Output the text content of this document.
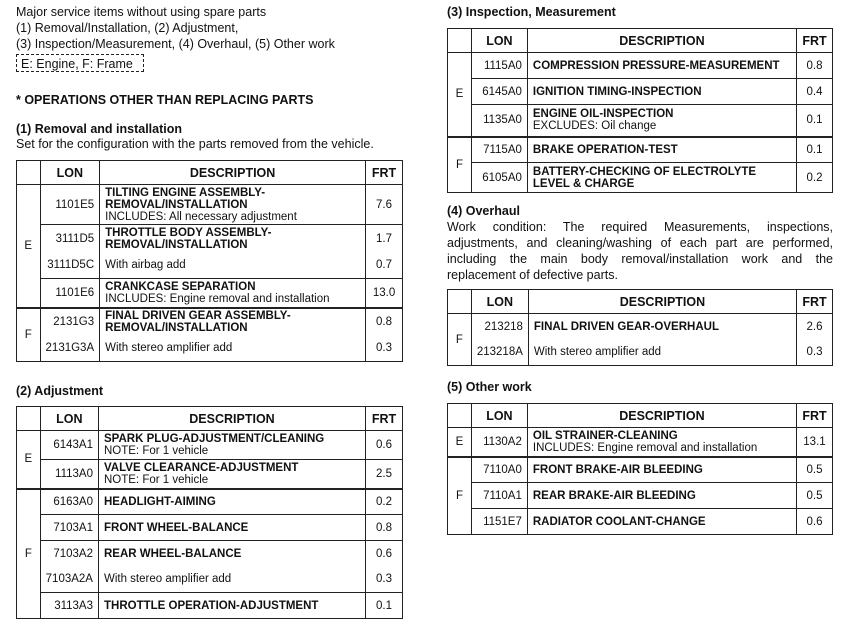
Major service items without using spare parts
(1) Removal/Installation, (2) Adjustment,
(3) Inspection/Measurement, (4) Overhaul, (5) Other work
E: Engine, F: Frame
* OPERATIONS OTHER THAN REPLACING PARTS
(1) Removal and installation
Set for the configuration with the parts removed from the vehicle.
	LON	DESCRIPTION	FRT
E	1101E5	TILTING ENGINE ASSEMBLY-REMOVAL/INSTALLATION
INCLUDES: All necessary adjustment	7.6
	3111D5	THROTTLE BODY ASSEMBLY-REMOVAL/INSTALLATION	1.7
	3111D5C	With airbag add	0.7
	1101E6	CRANKCASE SEPARATION
INCLUDES: Engine removal and installation	13.0
F	2131G3	FINAL DRIVEN GEAR ASSEMBLY-REMOVAL/INSTALLATION	0.8
	2131G3A	With stereo amplifier add	0.3
(2) Adjustment
	LON	DESCRIPTION	FRT
E	6143A1	SPARK PLUG-ADJUSTMENT/CLEANING
NOTE: For 1 vehicle	0.6
	1113A0	VALVE CLEARANCE-ADJUSTMENT
NOTE: For 1 vehicle	2.5
F	6163A0	HEADLIGHT-AIMING	0.2
	7103A1	FRONT WHEEL-BALANCE	0.8
	7103A2	REAR WHEEL-BALANCE	0.6
	7103A2A	With stereo amplifier add	0.3
	3113A3	THROTTLE OPERATION-ADJUSTMENT	0.1
(3) Inspection, Measurement
	LON	DESCRIPTION	FRT
E	1115A0	COMPRESSION PRESSURE-MEASUREMENT	0.8
	6145A0	IGNITION TIMING-INSPECTION	0.4
	1135A0	ENGINE OIL-INSPECTION
EXCLUDES: Oil change	0.1
F	7115A0	BRAKE OPERATION-TEST	0.1
	6105A0	BATTERY-CHECKING OF ELECTROLYTE LEVEL & CHARGE	0.2
(4) Overhaul
Work condition: The required Measurements, inspections, adjustments, and cleaning/washing of each part are performed, including the main body removal/installation work and the replacement of defective parts.
	LON	DESCRIPTION	FRT
F	213218	FINAL DRIVEN GEAR-OVERHAUL	2.6
	213218A	With stereo amplifier add	0.3
(5) Other work
	LON	DESCRIPTION	FRT
E	1130A2	OIL STRAINER-CLEANING
INCLUDES: Engine removal and installation	13.1
F	7110A0	FRONT BRAKE-AIR BLEEDING	0.5
	7110A1	REAR BRAKE-AIR BLEEDING	0.5
	1151E7	RADIATOR COOLANT-CHANGE	0.6
